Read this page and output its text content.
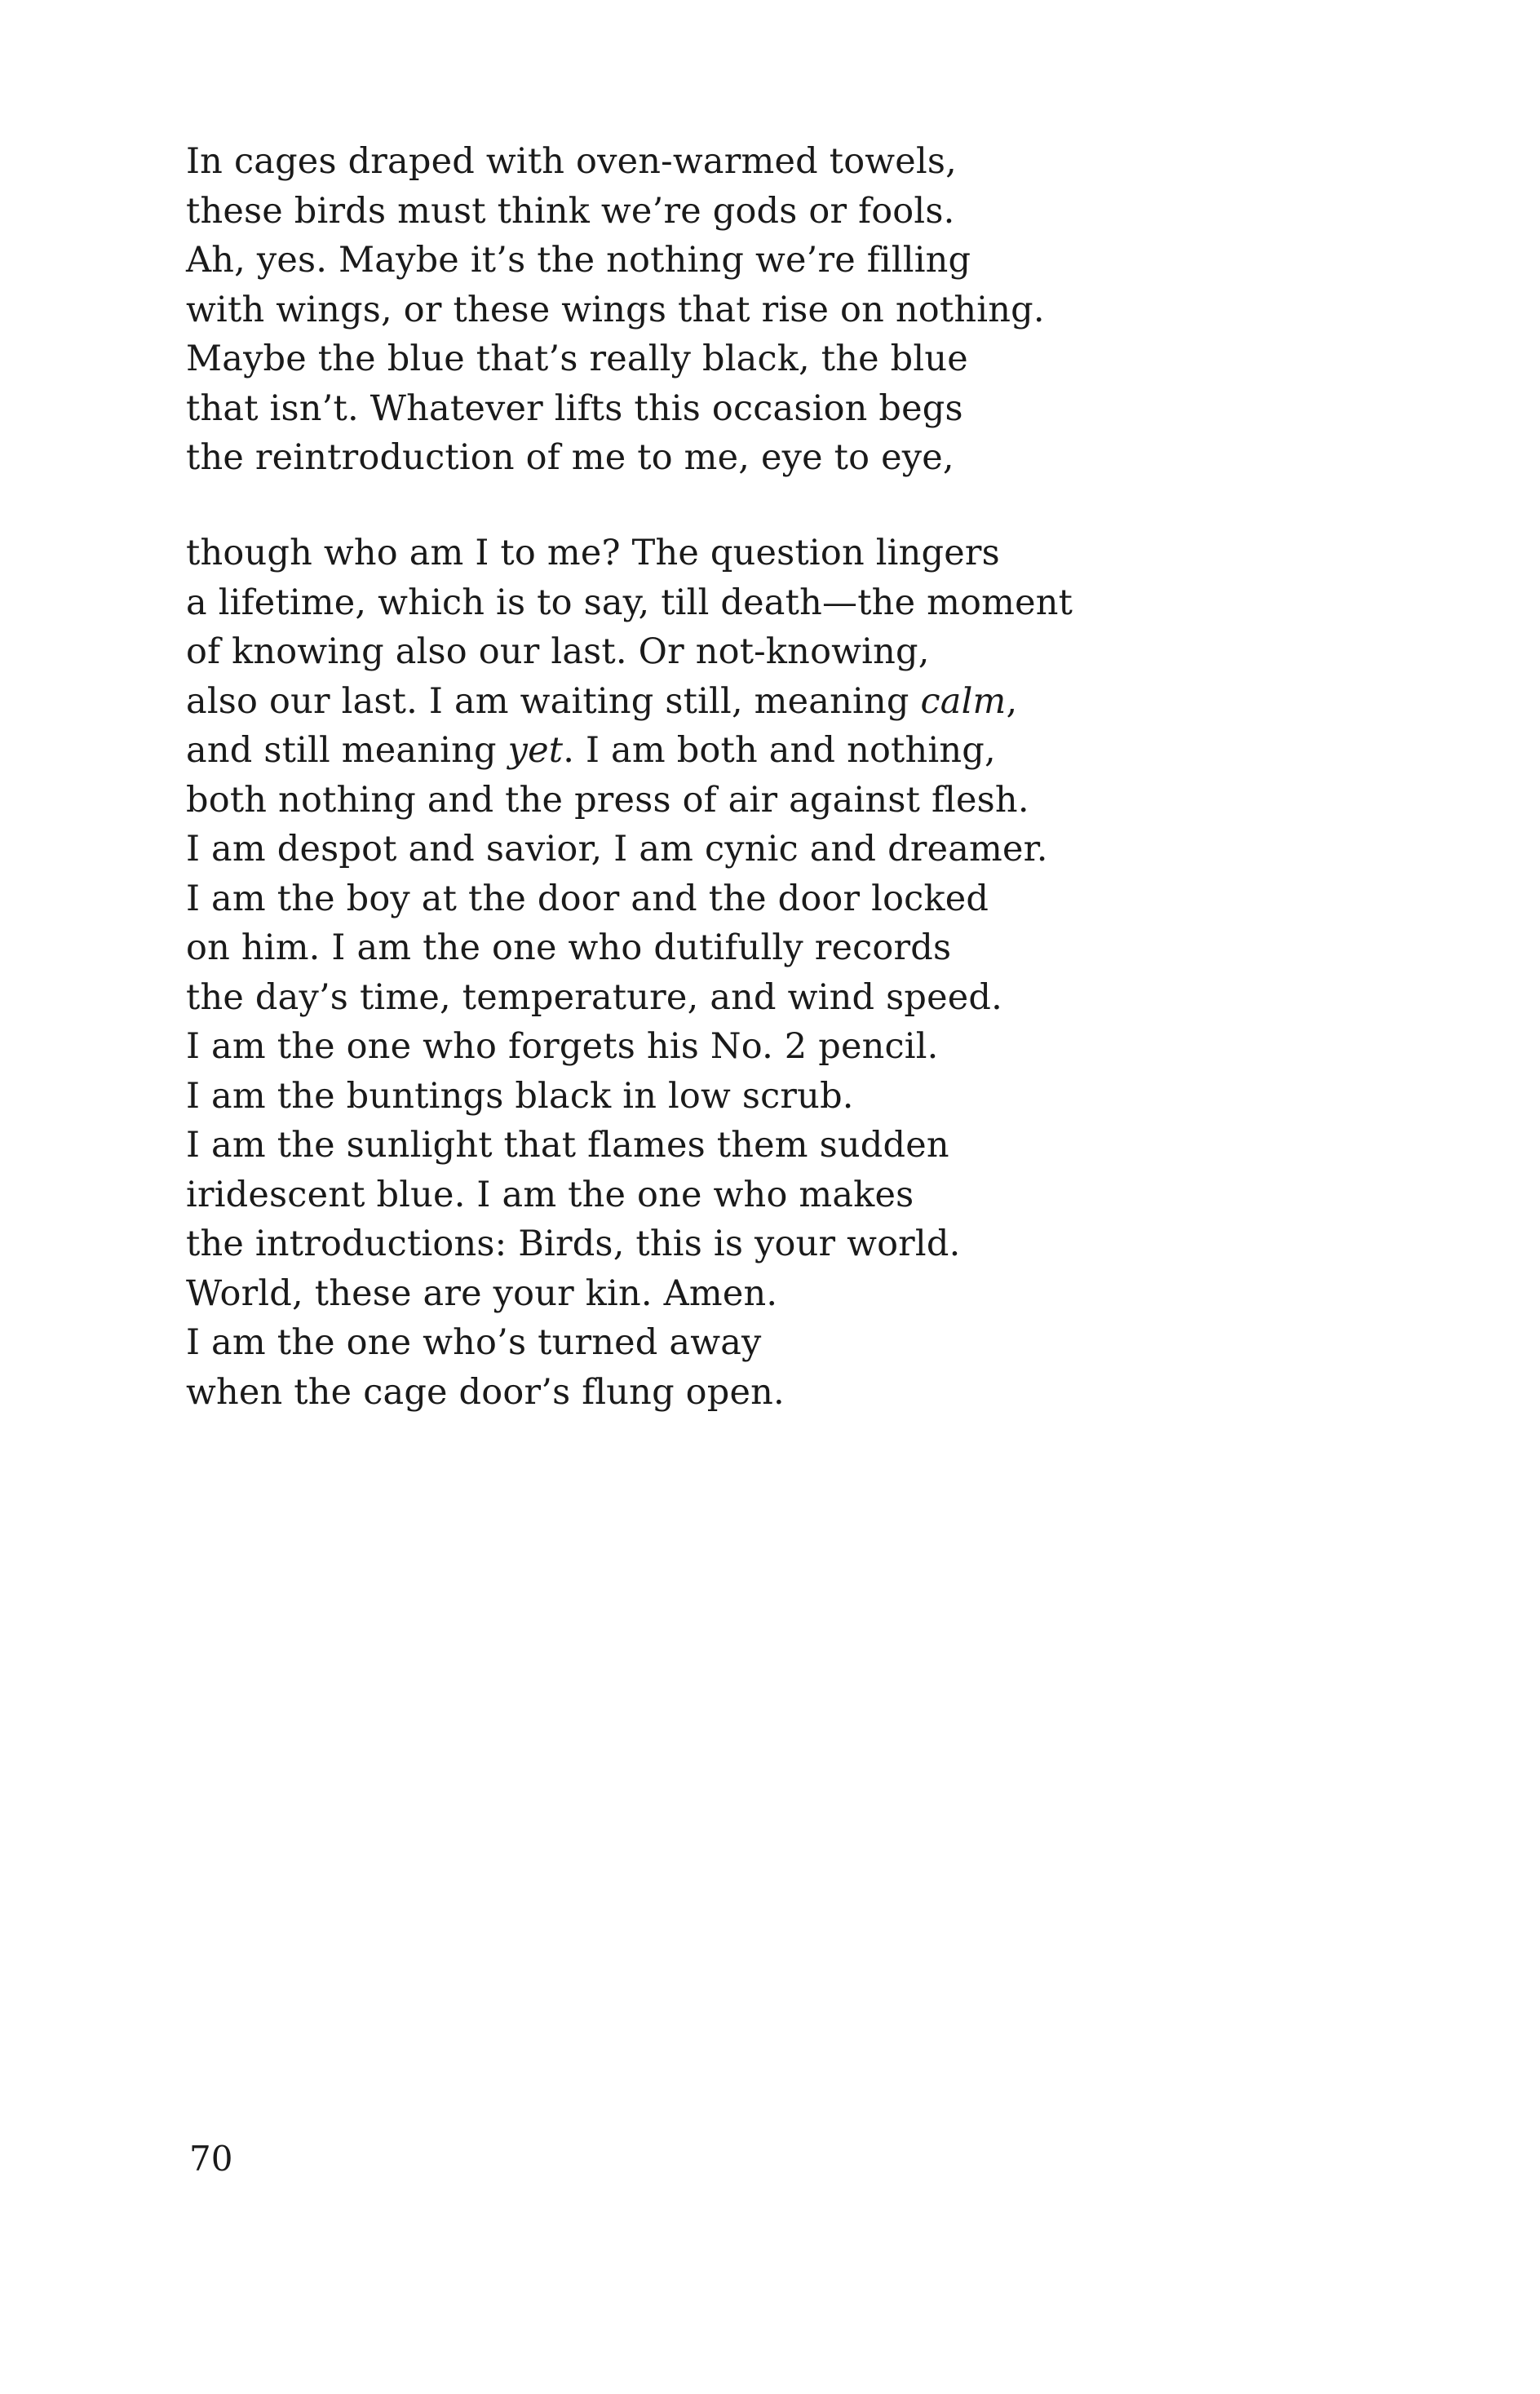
In cages draped with oven-warmed towels,
these birds must think we’re gods or fools.
Ah, yes. Maybe it’s the nothing we’re filling
with wings, or these wings that rise on nothing.
Maybe the blue that’s really black, the blue
that isn’t. Whatever lifts this occasion begs
the reintroduction of me to me, eye to eye,
though who am I to me? The question lingers
a lifetime, which is to say, till death—the moment
of knowing also our last. Or not-knowing,
also our last. I am waiting still, meaning calm,
and still meaning yet. I am both and nothing,
both nothing and the press of air against flesh.
I am despot and savior, I am cynic and dreamer.
I am the boy at the door and the door locked
on him. I am the one who dutifully records
the day’s time, temperature, and wind speed.
I am the one who forgets his No. 2 pencil.
I am the buntings black in low scrub.
I am the sunlight that flames them sudden
iridescent blue. I am the one who makes
the introductions: Birds, this is your world.
World, these are your kin. Amen.
I am the one who’s turned away
when the cage door’s flung open.
70
